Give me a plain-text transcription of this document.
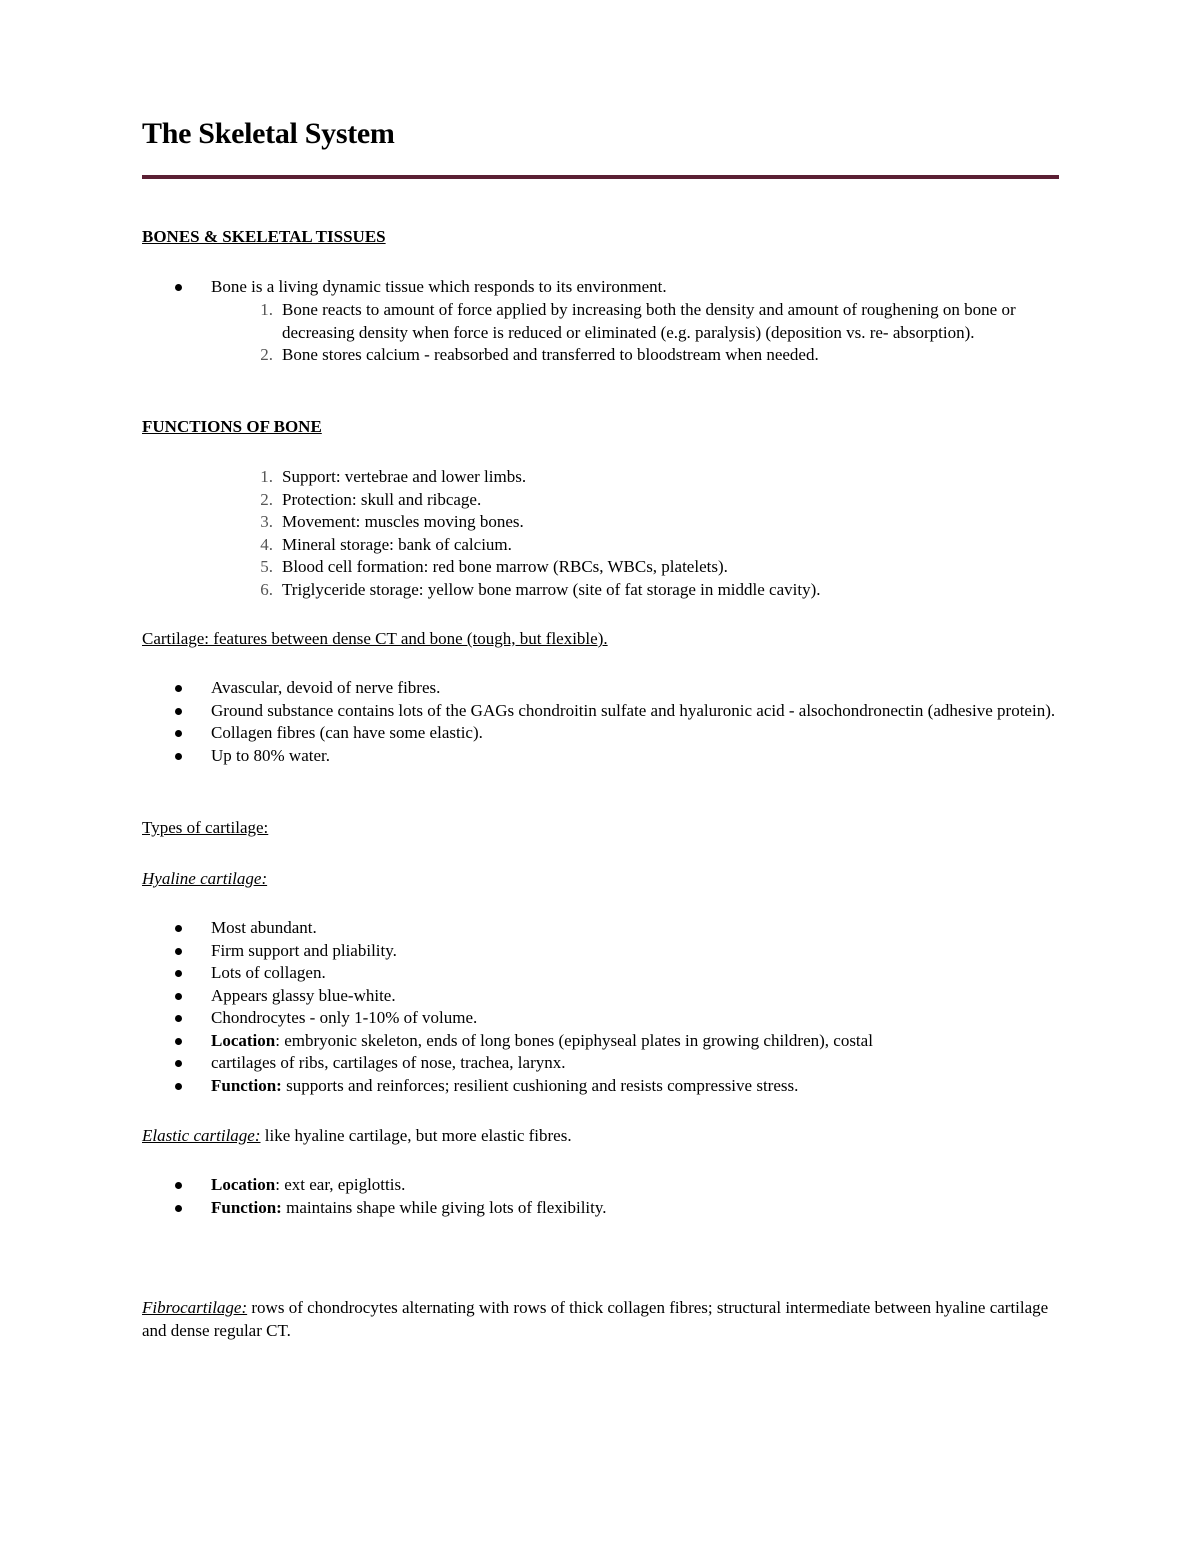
The Skeletal System
BONES & SKELETAL TISSUES
Bone is a living dynamic tissue which responds to its environment.
1. Bone reacts to amount of force applied by increasing both the density and amount of roughening on bone or decreasing density when force is reduced or eliminated (e.g. paralysis) (deposition vs. re- absorption).
2. Bone stores calcium - reabsorbed and transferred to bloodstream when needed.
FUNCTIONS OF BONE
1. Support: vertebrae and lower limbs.
2. Protection: skull and ribcage.
3. Movement: muscles moving bones.
4. Mineral storage: bank of calcium.
5. Blood cell formation: red bone marrow (RBCs, WBCs, platelets).
6. Triglyceride storage: yellow bone marrow (site of fat storage in middle cavity).

Cartilage: features between dense CT and bone (tough, but flexible).

Avascular, devoid of nerve fibres.
Ground substance contains lots of the GAGs chondroitin sulfate and hyaluronic acid - alsochondronectin (adhesive protein).
Collagen fibres (can have some elastic).
Up to 80% water.

Types of cartilage:

Hyaline cartilage:

Most abundant.
Firm support and pliability.
Lots of collagen.
Appears glassy blue-white.
Chondrocytes - only 1-10% of volume.
Location: embryonic skeleton, ends of long bones (epiphyseal plates in growing children), costal
cartilages of ribs, cartilages of nose, trachea, larynx.
Function: supports and reinforces; resilient cushioning and resists compressive stress.

Elastic cartilage: like hyaline cartilage, but more elastic fibres.

Location: ext ear, epiglottis.
Function: maintains shape while giving lots of flexibility.

Fibrocartilage: rows of chondrocytes alternating with rows of thick collagen fibres; structural intermediate between hyaline cartilage and dense regular CT.
